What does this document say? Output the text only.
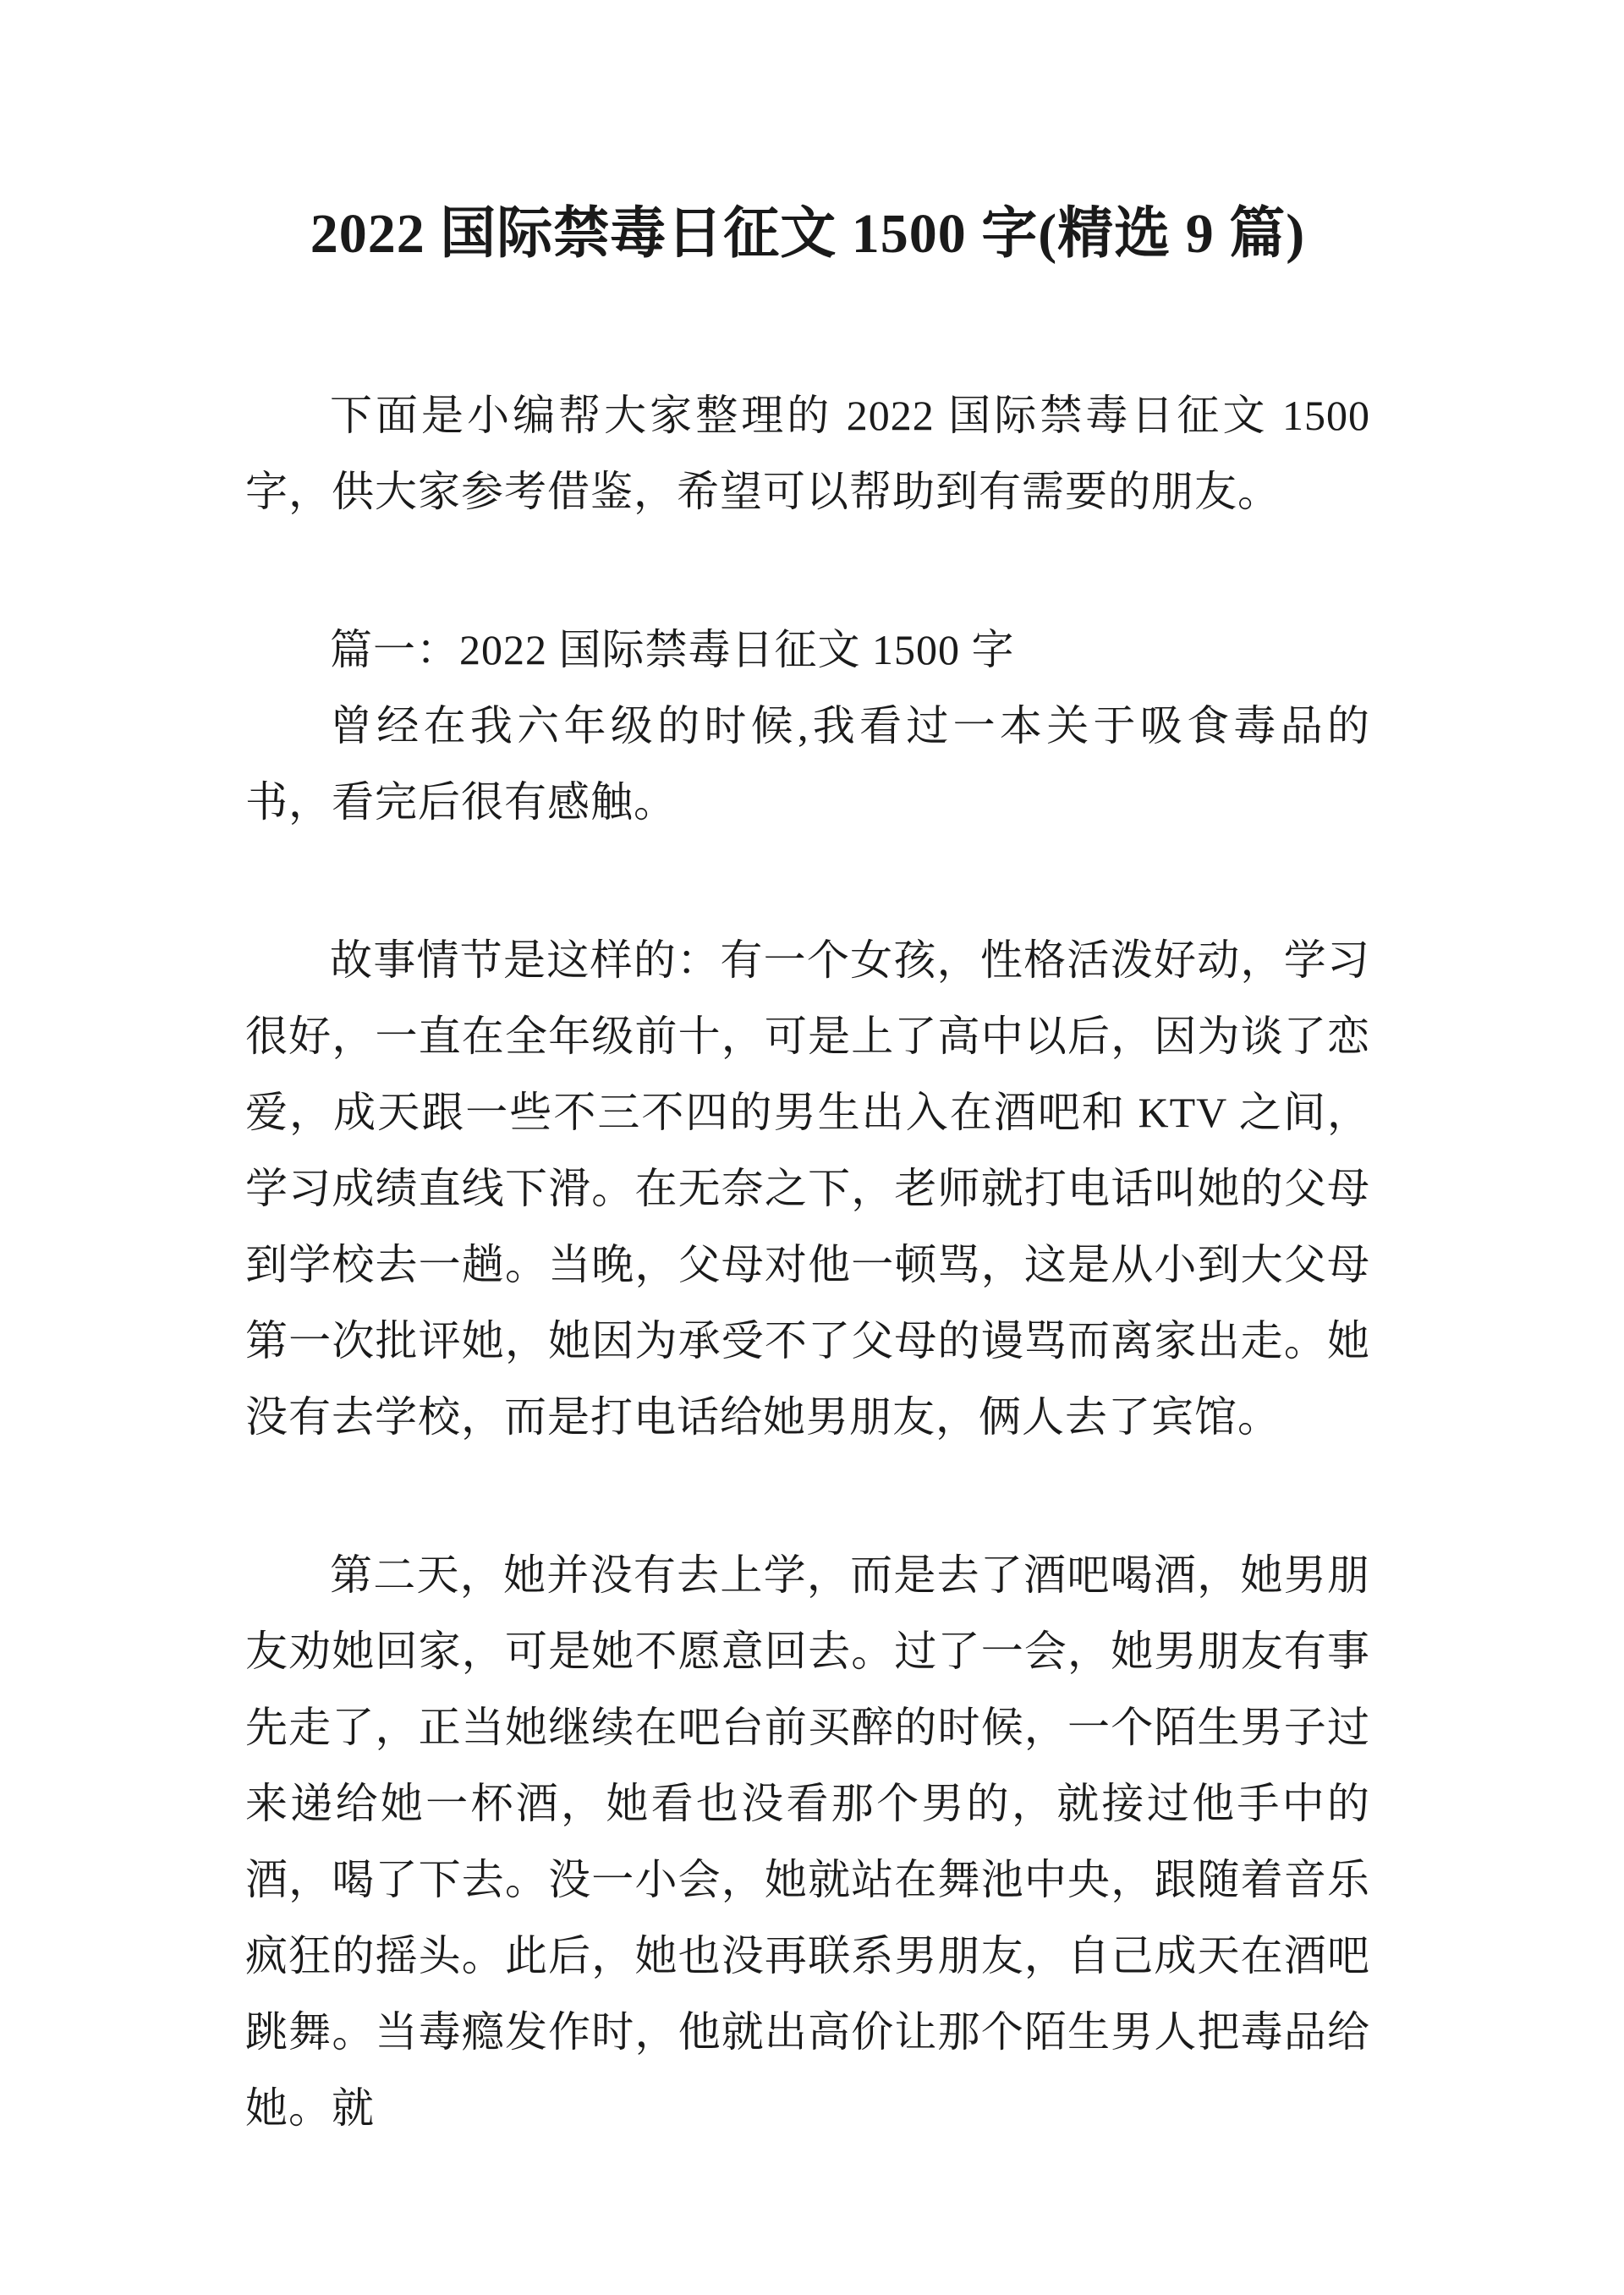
2022 国际禁毒日征文 1500 字(精选 9 篇)

下面是小编帮大家整理的 2022 国际禁毒日征文 1500 字，供大家参考借鉴，希望可以帮助到有需要的朋友。

篇一：2022 国际禁毒日征文 1500 字

曾经在我六年级的时候,我看过一本关于吸食毒品的书，看完后很有感触。

故事情节是这样的：有一个女孩，性格活泼好动，学习很好，一直在全年级前十，可是上了高中以后，因为谈了恋爱，成天跟一些不三不四的男生出入在酒吧和 KTV 之间，学习成绩直线下滑。在无奈之下，老师就打电话叫她的父母到学校去一趟。当晚，父母对他一顿骂，这是从小到大父母第一次批评她，她因为承受不了父母的谩骂而离家出走。她没有去学校，而是打电话给她男朋友，俩人去了宾馆。

第二天，她并没有去上学，而是去了酒吧喝酒，她男朋友劝她回家，可是她不愿意回去。过了一会，她男朋友有事先走了，正当她继续在吧台前买醉的时候，一个陌生男子过来递给她一杯酒，她看也没看那个男的，就接过他手中的酒，喝了下去。没一小会，她就站在舞池中央，跟随着音乐疯狂的摇头。此后，她也没再联系男朋友，自己成天在酒吧跳舞。当毒瘾发作时，他就出高价让那个陌生男人把毒品给她。就
